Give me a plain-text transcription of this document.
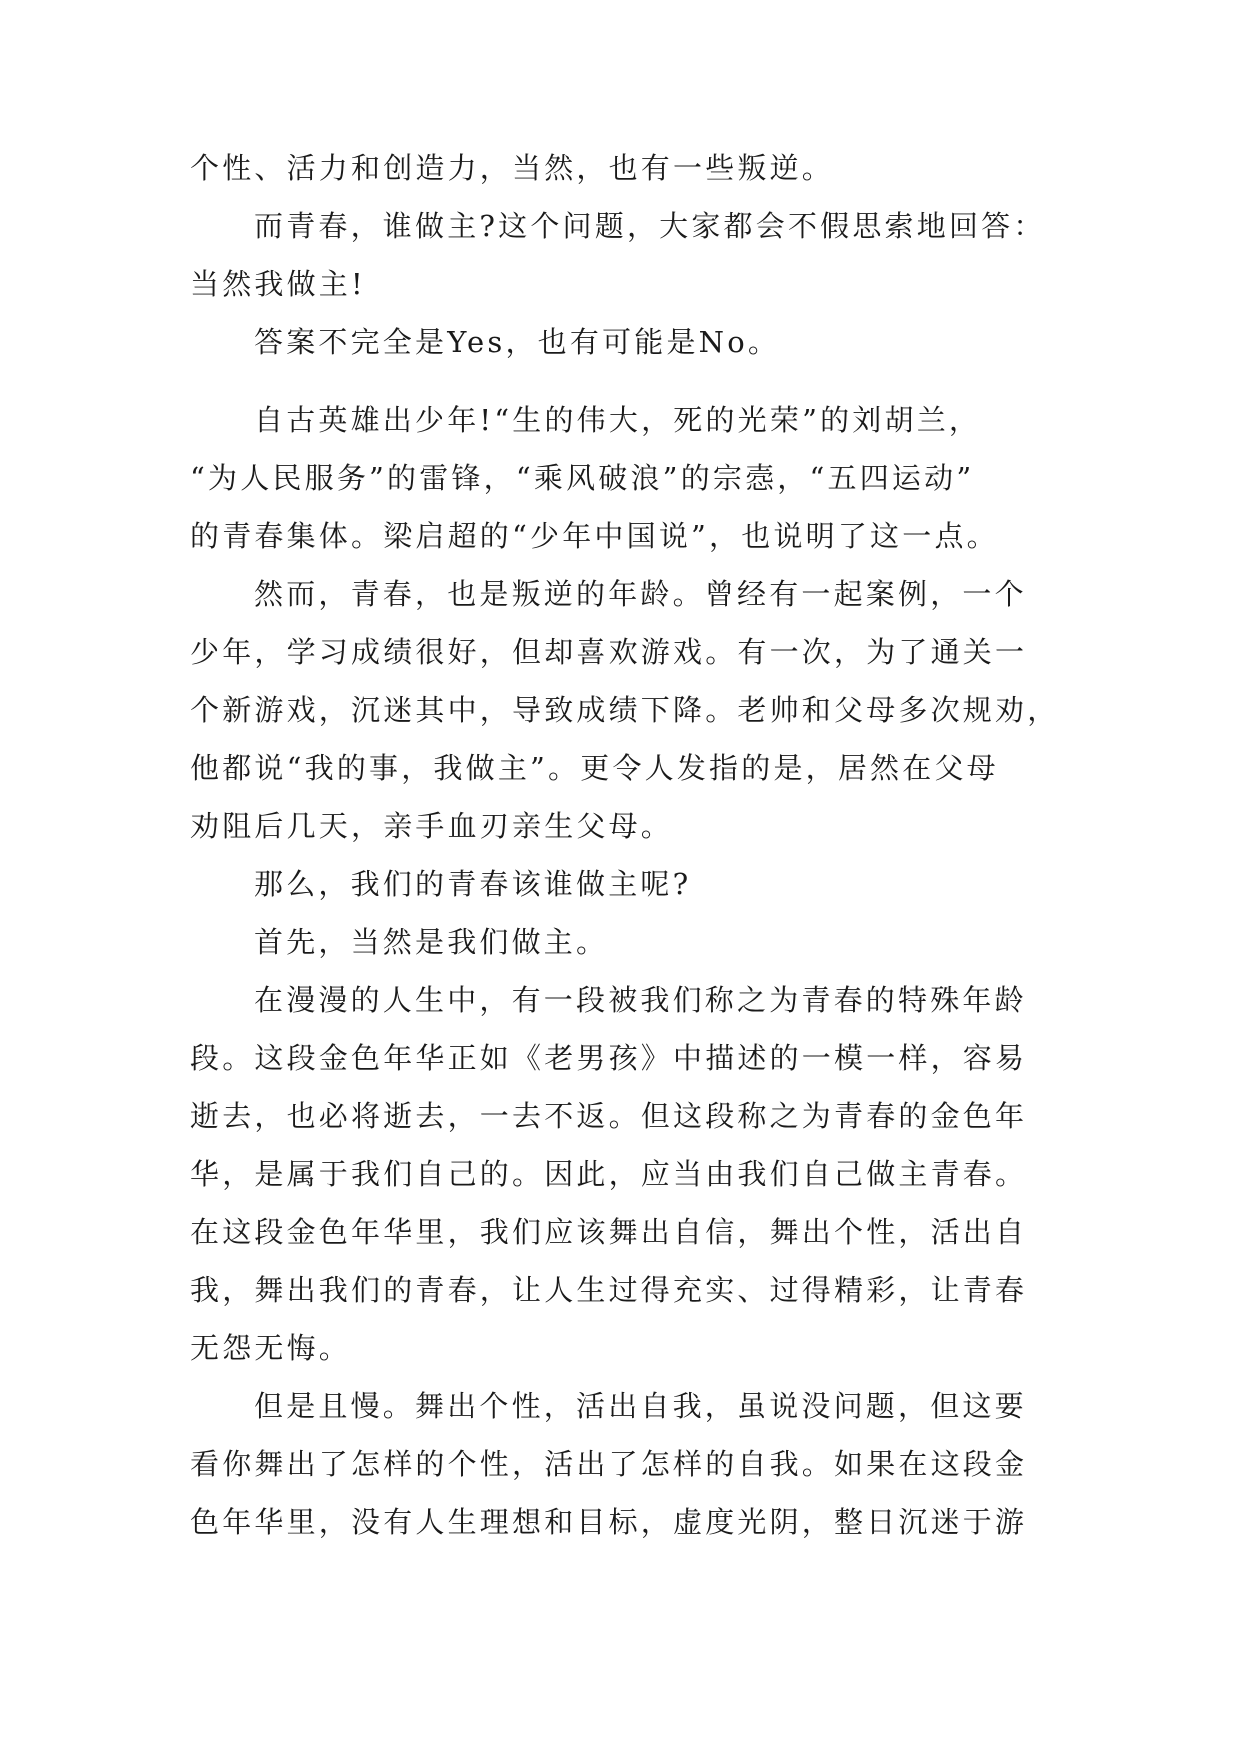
个性、活力和创造力，当然，也有一些叛逆。

而青春，谁做主?这个问题，大家都会不假思索地回答：

当然我做主!

答案不完全是Yes，也有可能是No。

自古英雄出少年!“生的伟大，死的光荣”的刘胡兰，

“为人民服务”的雷锋，“乘风破浪”的宗悫，“五四运动”

的青春集体。梁启超的“少年中国说”，也说明了这一点。

然而，青春，也是叛逆的年龄。曾经有一起案例，一个

少年，学习成绩很好，但却喜欢游戏。有一次，为了通关一

个新游戏，沉迷其中，导致成绩下降。老帅和父母多次规劝，

他都说“我的事，我做主”。更令人发指的是，居然在父母

劝阻后几天，亲手血刃亲生父母。

那么，我们的青春该谁做主呢?

首先，当然是我们做主。

在漫漫的人生中，有一段被我们称之为青春的特殊年龄

段。这段金色年华正如《老男孩》中描述的一模一样，容易

逝去，也必将逝去，一去不返。但这段称之为青春的金色年

华，是属于我们自己的。因此，应当由我们自己做主青春。

在这段金色年华里，我们应该舞出自信，舞出个性，活出自

我，舞出我们的青春，让人生过得充实、过得精彩，让青春

无怨无悔。

但是且慢。舞出个性，活出自我，虽说没问题，但这要

看你舞出了怎样的个性，活出了怎样的自我。如果在这段金

色年华里，没有人生理想和目标，虚度光阴，整日沉迷于游
